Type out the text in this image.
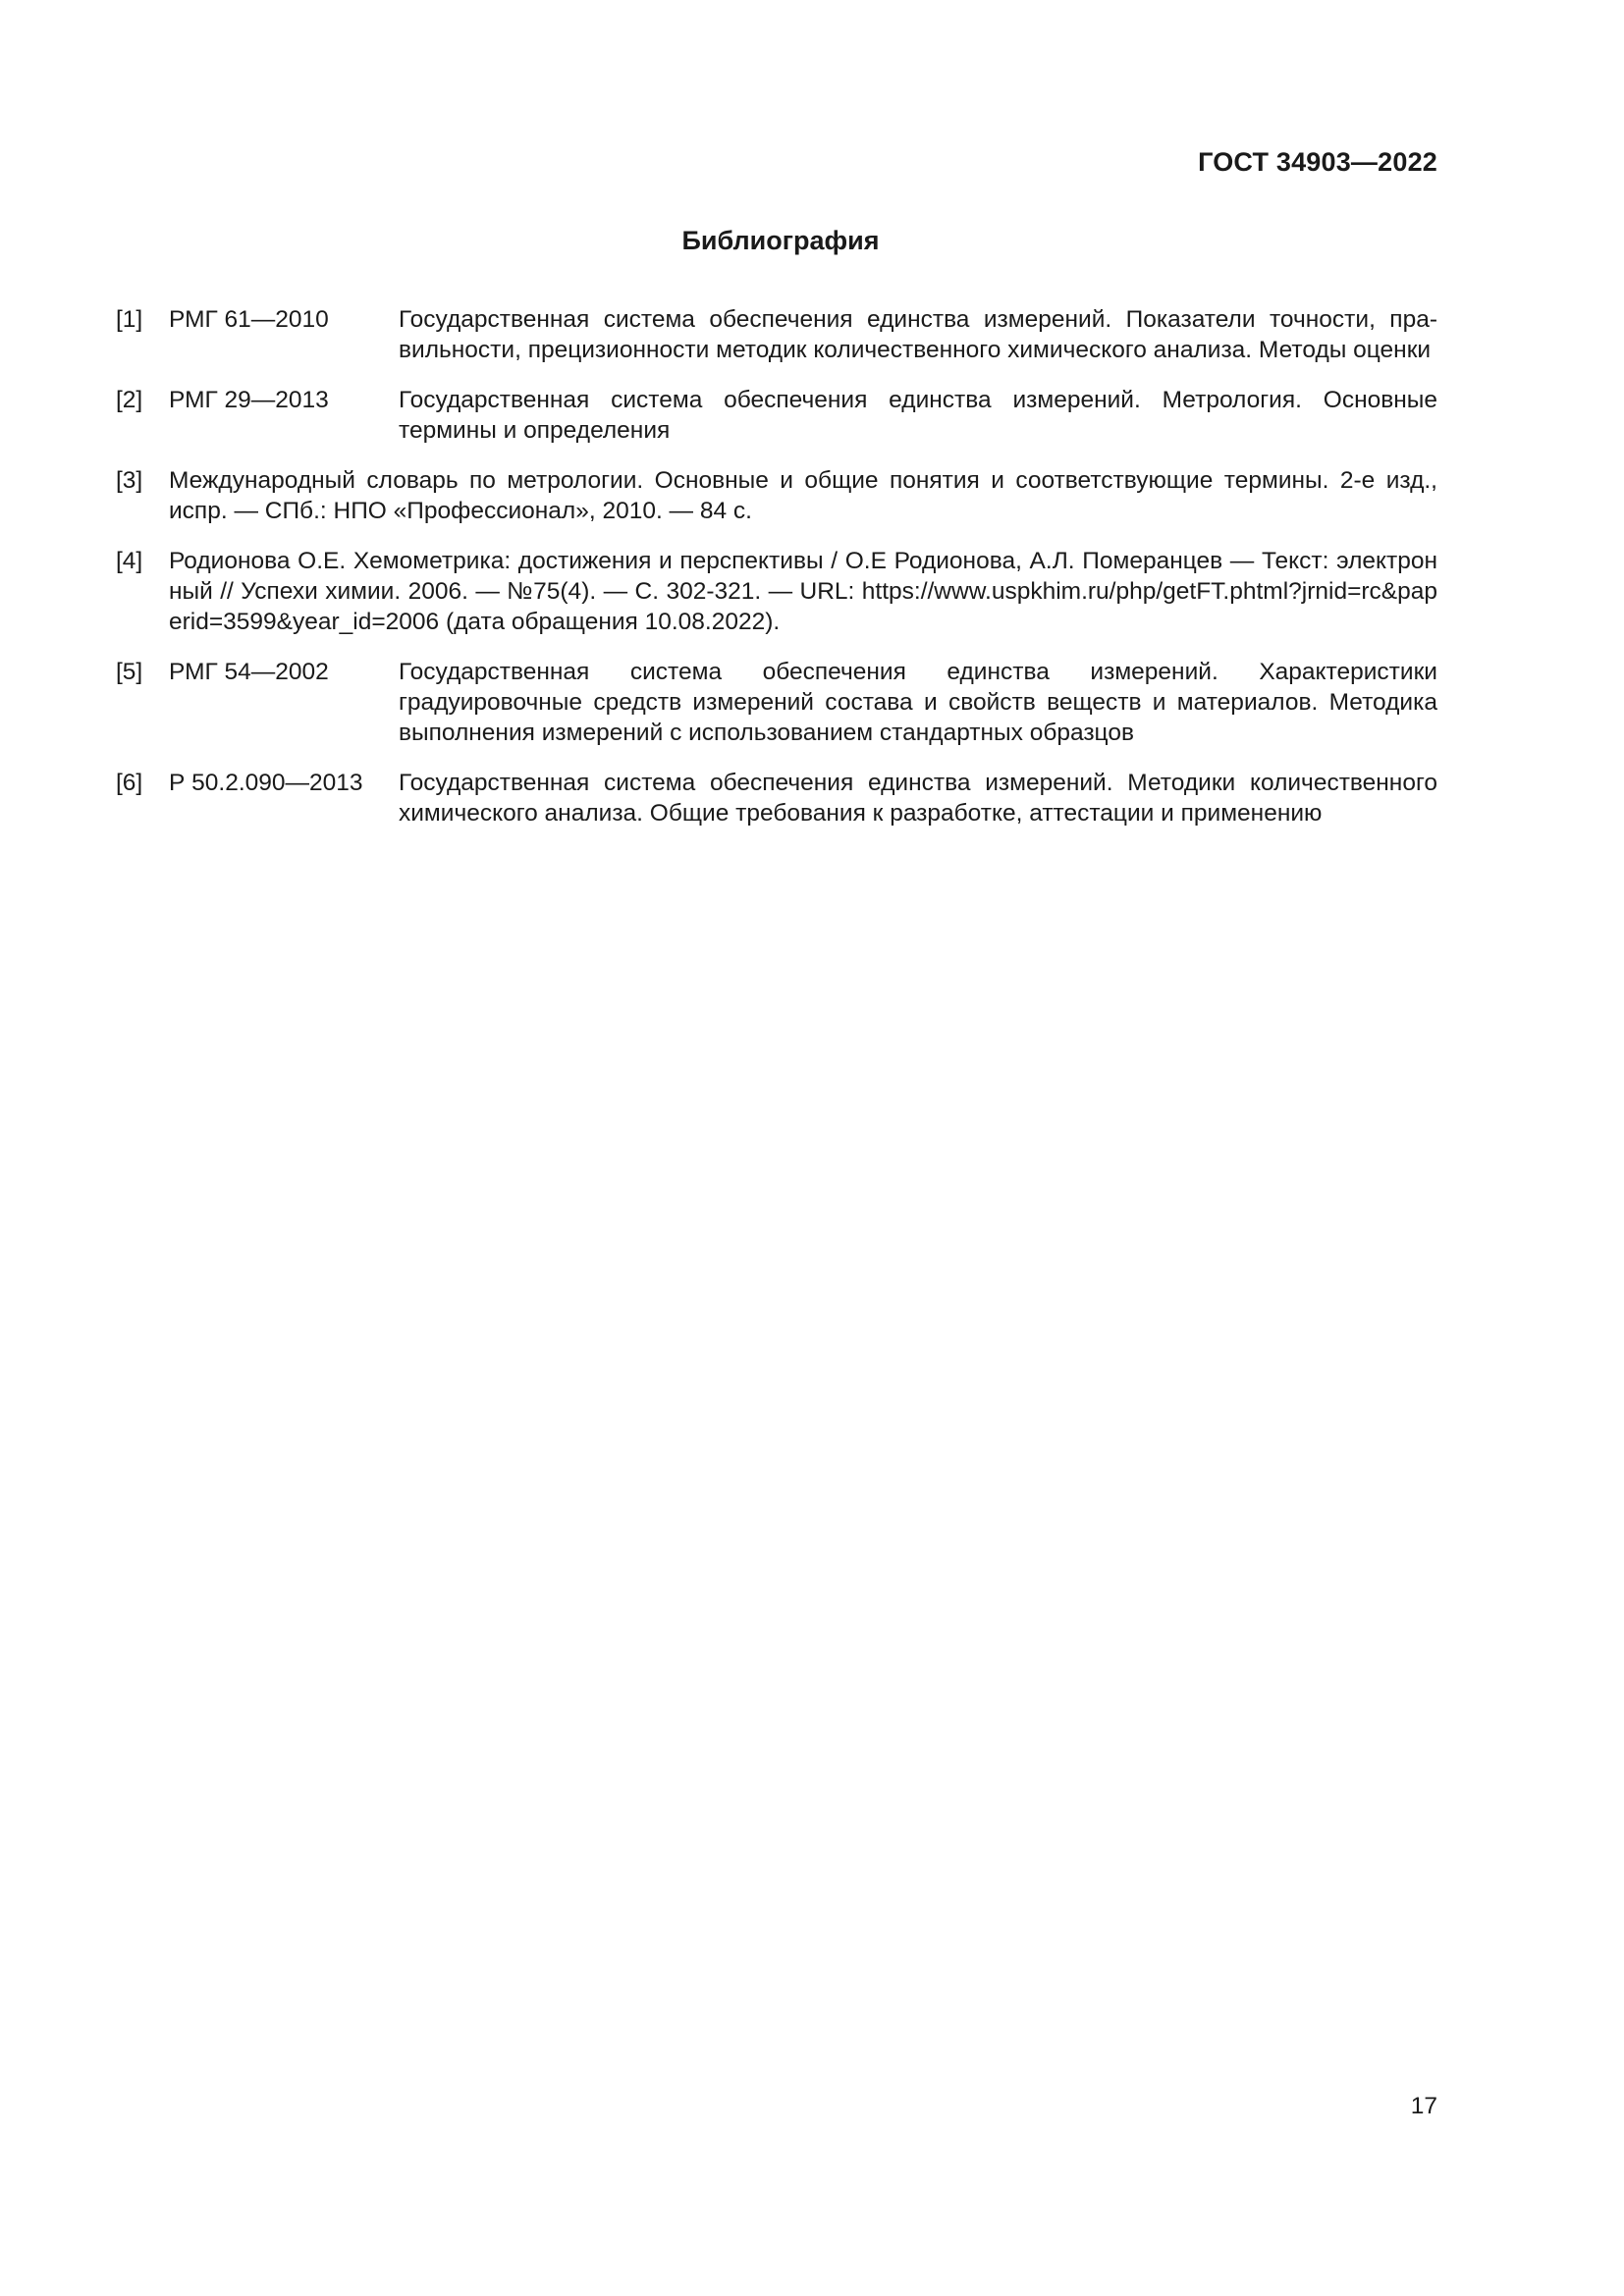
ГОСТ 34903—2022
Библиография
[1]	РМГ 61—2010	Государственная система обеспечения единства измерений. Показатели точности, пра-вильности, прецизионности методик количественного химического анализа. Методы оценки
[2]	РМГ 29—2013	Государственная система обеспечения единства измерений. Метрология. Основные термины и определения
[3]	Международный словарь по метрологии. Основные и общие понятия и соответствующие термины. 2-е изд., испр. — СПб.: НПО «Профессионал», 2010. — 84 с.
[4]	Родионова О.Е. Хемометрика: достижения и перспективы / О.Е Родионова, А.Л. Померанцев — Текст: электронный // Успехи химии. 2006. — №75(4). — С. 302-321. — URL: https://www.uspkhim.ru/php/getFT.phtml?jrnid=rc&paperid=3599&year_id=2006 (дата обращения 10.08.2022).
[5]	РМГ 54—2002	Государственная система обеспечения единства измерений. Характеристики градуировочные средств измерений состава и свойств веществ и материалов. Методика выполнения измерений с использованием стандартных образцов
[6]	Р 50.2.090—2013	Государственная система обеспечения единства измерений. Методики количественного химического анализа. Общие требования к разработке, аттестации и применению
17
